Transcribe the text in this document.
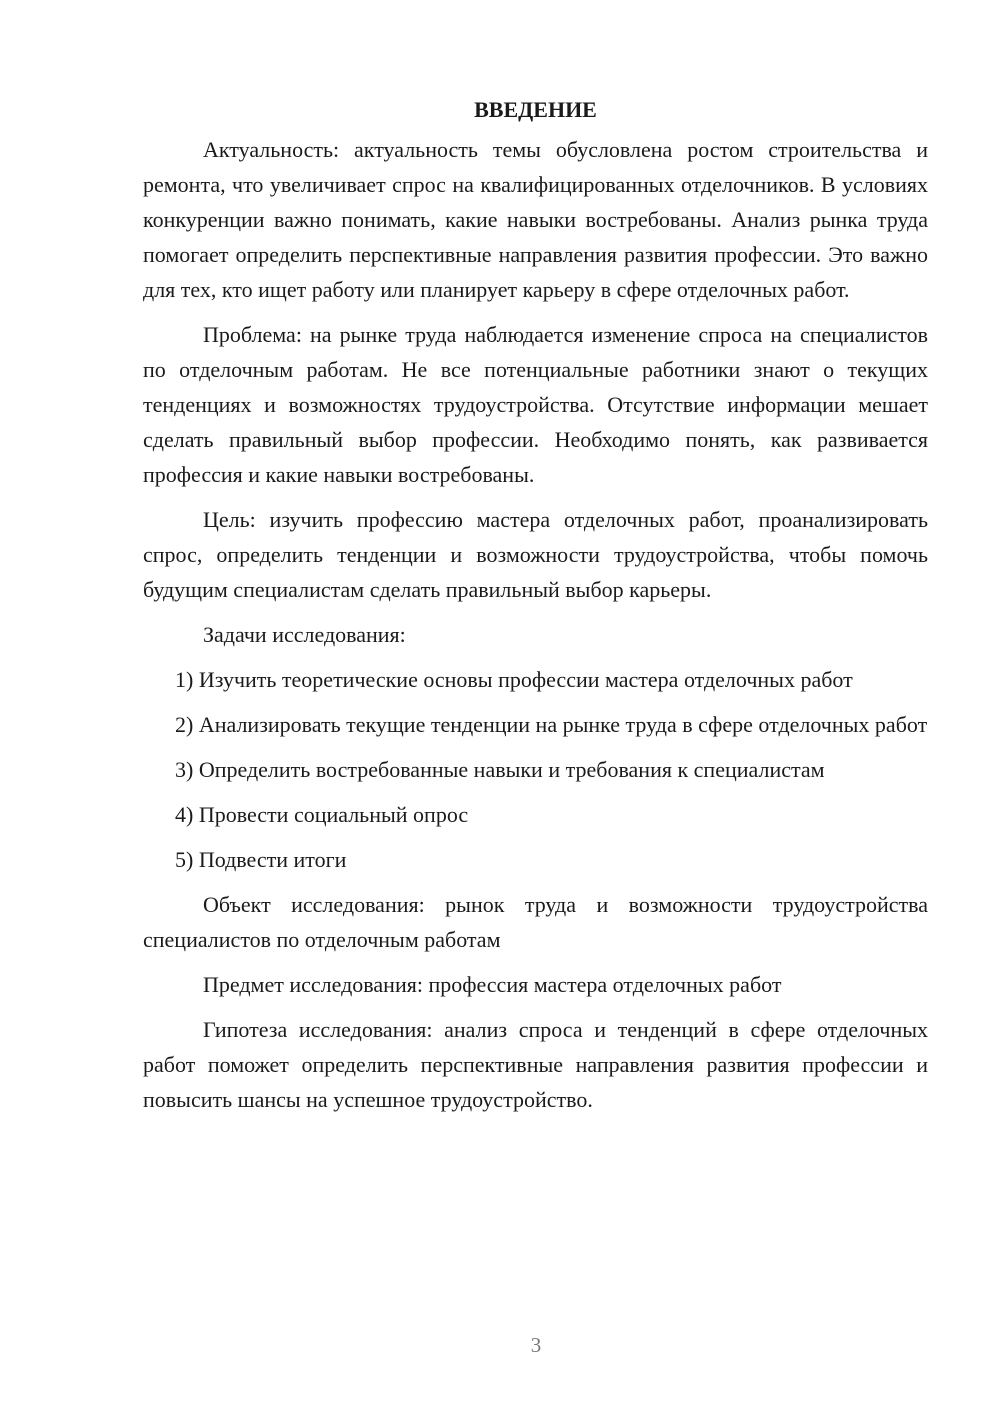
ВВЕДЕНИЕ

Актуальность: актуальность темы обусловлена ростом строительства и ремонта, что увеличивает спрос на квалифицированных отделочников. В условиях конкуренции важно понимать, какие навыки востребованы. Анализ рынка труда помогает определить перспективные направления развития профессии. Это важно для тех, кто ищет работу или планирует карьеру в сфере отделочных работ.

Проблема: на рынке труда наблюдается изменение спроса на специалистов по отделочным работам. Не все потенциальные работники знают о текущих тенденциях и возможностях трудоустройства. Отсутствие информации мешает сделать правильный выбор профессии. Необходимо понять, как развивается профессия и какие навыки востребованы.

Цель: изучить профессию мастера отделочных работ, проанализировать спрос, определить тенденции и возможности трудоустройства, чтобы помочь будущим специалистам сделать правильный выбор карьеры.

Задачи исследования:

1) Изучить теоретические основы профессии мастера отделочных работ

2) Анализировать текущие тенденции на рынке труда в сфере отделочных работ

3) Определить востребованные навыки и требования к специалистам

4) Провести социальный опрос

5) Подвести итоги

Объект исследования: рынок труда и возможности трудоустройства специалистов по отделочным работам

Предмет исследования: профессия мастера отделочных работ

Гипотеза исследования: анализ спроса и тенденций в сфере отделочных работ поможет определить перспективные направления развития профессии и повысить шансы на успешное трудоустройство.

3
